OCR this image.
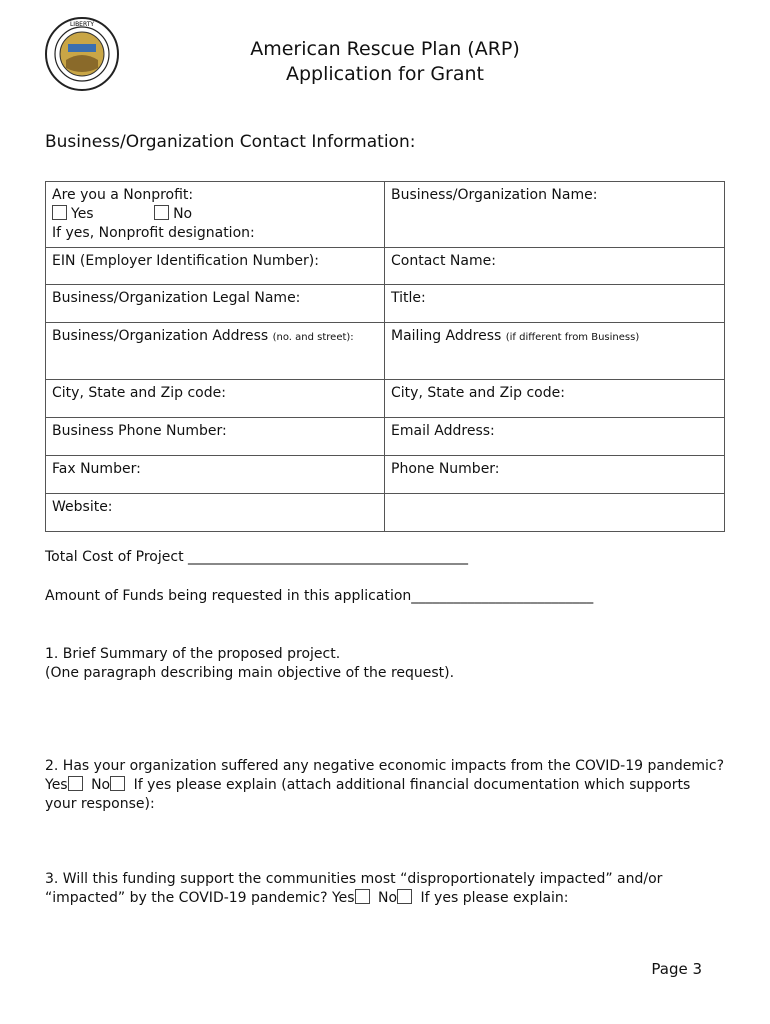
LIBERTY
American Rescue Plan (ARP)
Application for Grant
Business/Organization Contact Information:
Are you a Nonprofit:
Yes No
If yes, Nonprofit designation:	Business/Organization Name:
EIN (Employer Identification Number):	Contact Name:
Business/Organization Legal Name:	Title:
Business/Organization Address (no. and street):	Mailing Address (if different from Business)
City, State and Zip code:	City, State and Zip code:
Business Phone Number:	Email Address:
Fax Number:	Phone Number:
Website:	
Total Cost of Project ________________________________________
Amount of Funds being requested in this application__________________________
1. Brief Summary of the proposed project.
(One paragraph describing main objective of the request).
2. Has your organization suffered any negative economic impacts from the COVID-19 pandemic? Yes No If yes please explain (attach additional financial documentation which supports your response):
3. Will this funding support the communities most “disproportionately impacted” and/or “impacted” by the COVID-19 pandemic? Yes No If yes please explain:
Page 3
